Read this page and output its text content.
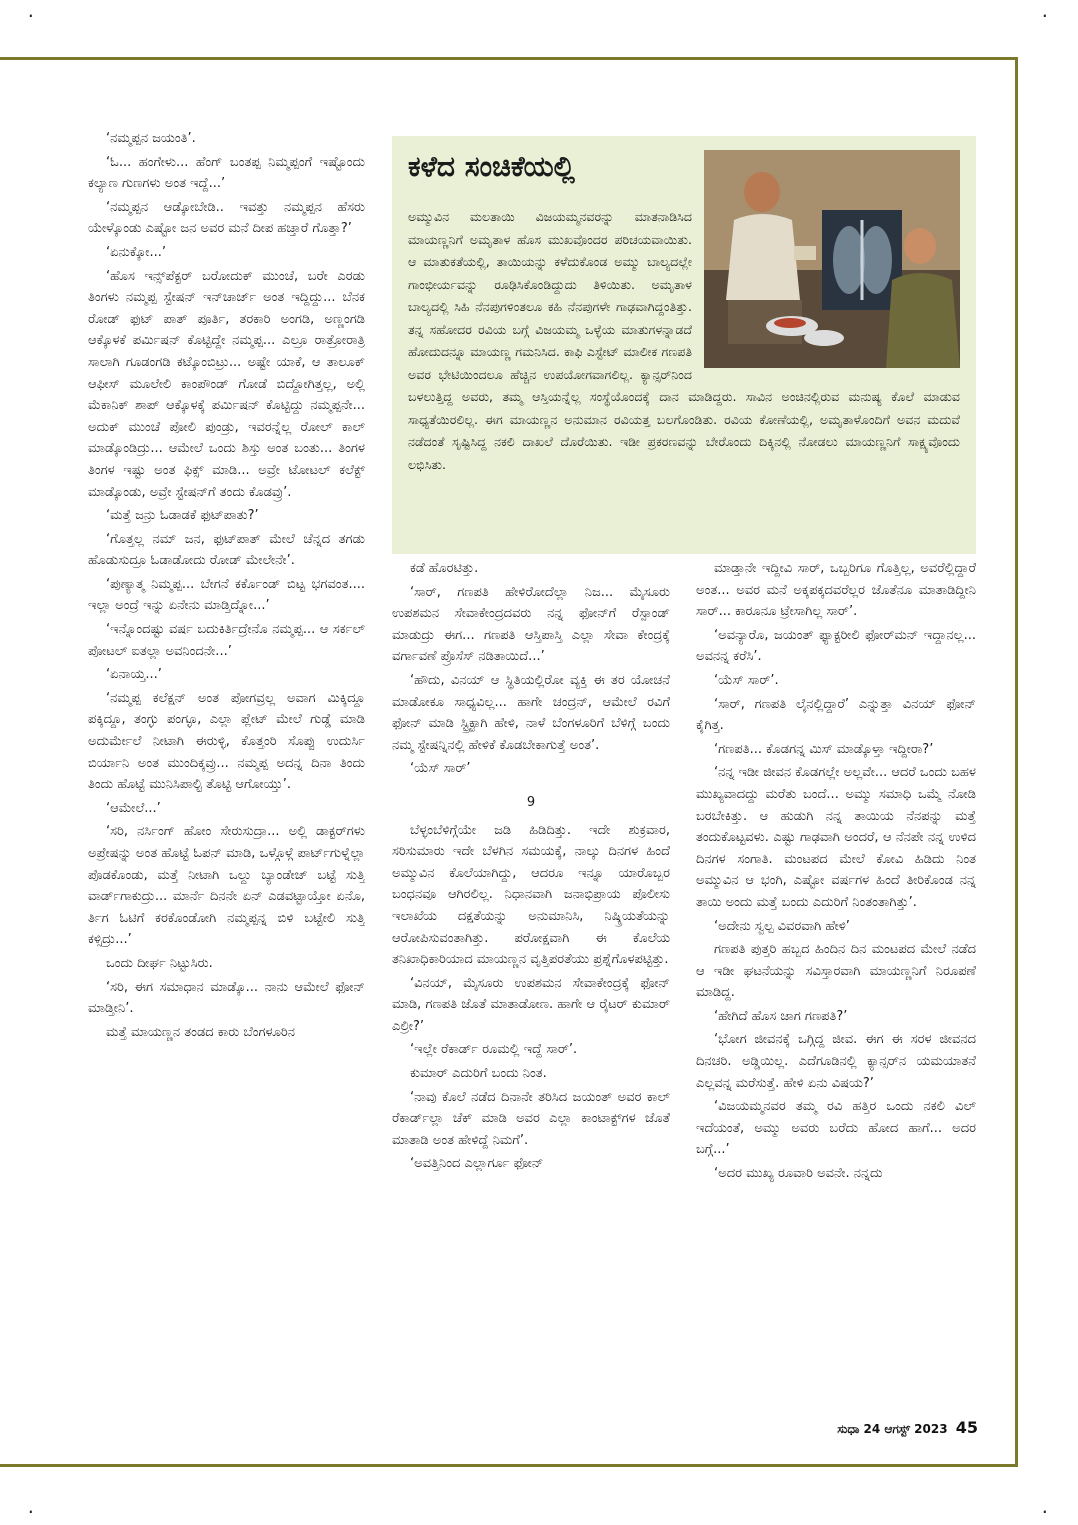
.	.
.	.

‘ನಮ್ಮಪ್ಪನ ಜಯಂತಿ’.

‘ಓ... ಹಂಗೇಳು... ಹೆಂಗ್ ಬಂತಪ್ಪ ನಿಮ್ಮಪ್ಪಂಗೆ ಇಷ್ಟೊಂದು ಕಲ್ಯಾಣ ಗುಣಗಳು ಅಂತ ಇದ್ದೆ...’

‘ನಮ್ಮಪ್ಪನ ಆಡ್ಕೋಬೇಡಿ.. ಇವತ್ತು ನಮ್ಮಪ್ಪನ ಹೆಸರು ಯೇಳ್ಕೊಂಡು ಎಷ್ಟೋ ಜನ ಅವರ ಮನೆ ದೀಪ ಹಚ್ತಾರೆ ಗೊತ್ತಾ?’

‘ಏನುಕ್ಕೋ...’

‘ಹೊಸ ಇನ್ಸ್‌ಪೆಕ್ಟರ್ ಬರೋದುಕ್ ಮುಂಚೆ, ಬರೇ ಎರಡು ತಿಂಗಳು ನಮ್ಮಪ್ಪ ಸ್ಟೇಷನ್ ಇನ್‌ಚಾರ್ಜ್ ಅಂತ ಇದ್ದಿದ್ದು... ಬೆನಕ ರೋಡ್ ಫುಟ್ ಪಾತ್ ಪೂರ್ತಿ, ತರಕಾರಿ ಅಂಗಡಿ, ಅಣ್ಣಂಗಡಿ ಆಕ್ಕೊಳಕೆ ಪರ್ಮಿಷನ್ ಕೊಟ್ಟಿದ್ದೇ ನಮ್ಮಪ್ಪ... ಎಲ್ರೂ ರಾತ್ರೋರಾತ್ರಿ ಸಾಲಾಗಿ ಗೂಡಂಗಡಿ ಕಟ್ಕೊಂಬಿಟ್ರು... ಅಷ್ಟೇ ಯಾಕೆ, ಆ ತಾಲೂಕ್ ಆಫೀಸ್ ಮೂಲೇಲಿ ಕಾಂಪೌಂಡ್ ಗೋಡೆ ಬಿದ್ದೋಗಿತ್ತಲ್ಲ, ಅಲ್ಲಿ ಮೆಕಾನಿಕ್ ಶಾಪ್ ಆಕ್ಕೊಳಕ್ಕೆ ಪರ್ಮಿಷನ್ ಕೊಟ್ಟಿದ್ದು ನಮ್ಮಪ್ಪನೇ... ಅದುಕ್ ಮುಂಚೆ ಪೋಲಿ ಪುಂಡ್ರು, ಇವರನ್ನೆಲ್ಲ ರೋಲ್ ಕಾಲ್ ಮಾಡ್ಕೊಂಡಿದ್ರು... ಆಮೇಲೆ ಒಂದು ಶಿಸ್ತು ಅಂತ ಬಂತು... ತಿಂಗಳ ತಿಂಗಳ ಇಷ್ಟು ಅಂತ ಫಿಕ್ಸ್ ಮಾಡಿ... ಅವ್ರೇ ಟೋಟಲ್ ಕಲೆಕ್ಟ್ ಮಾಡ್ಕೊಂಡು, ಅವ್ರೇ ಸ್ಟೇಷನ್‌ಗೆ ತಂದು ಕೊಡವ್ರು’.

‘ಮತ್ತೆ ಜನ್ರು ಓಡಾಡಕೆ ಫುಟ್‌ಪಾತು?’

‘ಗೊತ್ತಲ್ಲ ನಮ್ ಜನ, ಫುಟ್‌ಪಾತ್ ಮೇಲೆ ಚೆನ್ನದ ತಗಡು ಹೊಡುಸುದ್ರೂ ಓಡಾಡೋದು ರೋಡ್ ಮೇಲೇನೇ’.

‘ಪುಣ್ಯಾತ್ಮ ನಿಮ್ಮಪ್ಪ... ಬೇಗನೆ ಕರ್ಕೊಂಡ್ ಬಿಟ್ಟ ಭಗವಂತ.... ಇಲ್ಲಾ ಅಂದ್ರೆ ಇನ್ನು ಏನೇನು ಮಾಡ್ತಿದ್ನೋ...’

‘ಇನ್ನೊಂದಷ್ಟು ವರ್ಷ ಬದುಕಿರ್ತಿದ್ರೇನೊ ನಮ್ಮಪ್ಪ... ಆ ಸರ್ಕಲ್ ಪೋಟಲ್ ಐತಲ್ಲಾ ಅವನಿಂದನೇ...’

‘ಏನಾಯ್ತ...’

‘ನಮ್ಮಪ್ಪ ಕಲೆಕ್ಷನ್ ಅಂತ ಪೋಗವ್ರಲ್ಲ ಅವಾಗ ಮಿಕ್ಕಿದ್ದೂ ಪಕ್ಕಿದ್ದೂ, ತಂಗ್ಳು ಪಂಗ್ಳೂ, ಎಲ್ಲಾ ಪ್ಲೇಟ್ ಮೇಲೆ ಗುಡ್ಡೆ ಮಾಡಿ ಅದುರ್ಮೇಲೆ ನೀಟಾಗಿ ಈರುಳ್ಳಿ, ಕೊತ್ತಂರಿ ಸೊಪ್ಪು ಉದುರ್ಸಿ ಬಿರ್ಯಾನಿ ಅಂತ ಮುಂದಿಕ್ಕವ್ರು... ನಮ್ಮಪ್ಪ ಅದನ್ನ ದಿನಾ ತಿಂದು ತಿಂದು ಹೊಟ್ಟೆ ಮುನಿಸಿಪಾಲ್ಟಿ ತೊಟ್ಟಿ ಆಗೋಯ್ತು’.

‘ಆಮೇಲೆ...’

‘ಸರಿ, ನರ್ಸಿಂಗ್ ಹೋಂ ಸೇರುಸುದ್ರಾ... ಅಲ್ಲಿ ಡಾಕ್ಟರ್‌ಗಳು ಅಪ್ರೇಷನ್ನು ಅಂತ ಹೊಟ್ಟೆ ಓಪನ್ ಮಾಡಿ, ಒಳ್ಗೊಳ್ಗೆ ಪಾರ್ಟ್‌ಗುಳ್ನೆಲ್ಲಾ ಪೊಡಕೊಂಡು, ಮತ್ತೆ ನೀಟಾಗಿ ಒಲ್ದು ಬ್ಯಾಂಡೇಜ್ ಬಟ್ಟೆ ಸುತ್ತಿ ವಾರ್ಡ್‌ಗಾಕುದ್ರು... ಮಾರ್ನೆ ದಿನನೇ ಏನ್ ಎಡವಟ್ಟಾಯ್ತೋ ಏನೊ, ರ್ತಿಗ ಓಟಿಗೆ ಕರಕೊಂಡೋಗಿ ನಮ್ಮಪ್ಪನ್ನ ಬಿಳಿ ಬಟ್ಟೇಲಿ ಸುತ್ತಿ ಕಳ್ಸಿದ್ರು...’

ಒಂದು ದೀರ್ಘ ನಿಟ್ಟುಸಿರು.

‘ಸರಿ, ಈಗ ಸಮಾಧಾನ ಮಾಡ್ಕೊ... ನಾನು ಆಮೇಲೆ ಫೋನ್ ಮಾಡ್ತೀನಿ’.

ಮತ್ತೆ ಮಾಯಣ್ಣನ ತಂಡದ ಕಾರು ಬೆಂಗಳೂರಿನ

ಕಳೆದ ಸಂಚಿಕೆಯಲ್ಲಿ
ಅಮ್ಮುವಿನ ಮಲತಾಯಿ ವಿಜಯಮ್ಮನವರನ್ನು ಮಾತನಾಡಿಸಿದ ಮಾಯಣ್ಣನಿಗೆ ಅಮೃತಾಳ ಹೊಸ ಮುಖವೊಂದರ ಪರಿಚಯವಾಯಿತು. ಆ ಮಾತುಕತೆಯಲ್ಲಿ, ತಾಯಿಯನ್ನು ಕಳೆದುಕೊಂಡ ಅಮ್ಮು ಬಾಲ್ಯದಲ್ಲೇ ಗಾಂಭೀರ್ಯವನ್ನು ರೂಢಿಸಿಕೊಂಡಿದ್ದುದು ತಿಳಿಯಿತು. ಅಮೃತಾಳ ಬಾಲ್ಯದಲ್ಲಿ ಸಿಹಿ ನೆನಪುಗಳಿಂತಲೂ ಕಹಿ ನೆನಪುಗಳೇ ಗಾಢವಾಗಿದ್ದಂತಿತ್ತು. ತನ್ನ ಸಹೋದರ ರವಿಯ ಬಗ್ಗೆ ವಿಜಯಮ್ಮ ಒಳ್ಳೆಯ ಮಾತುಗಳನ್ನಾಡದೆ ಹೋದುದನ್ನೂ ಮಾಯಣ್ಣ ಗಮನಿಸಿದ. ಕಾಫಿ ಎಸ್ಟೇಟ್ ಮಾಲೀಕ ಗಣಪತಿ ಅವರ ಭೇಟಿಯಿಂದಲೂ ಹೆಚ್ಚಿನ ಉಪಯೋಗವಾಗಲಿಲ್ಲ. ಕ್ಯಾನ್ಸರ್‌ನಿಂದ ಬಳಲುತ್ತಿದ್ದ ಅವರು, ತಮ್ಮ ಆಸ್ತಿಯನ್ನೆಲ್ಲ ಸಂಸ್ಥೆಯೊಂದಕ್ಕೆ ದಾನ ಮಾಡಿದ್ದರು. ಸಾವಿನ ಅಂಚಿನಲ್ಲಿರುವ ಮನುಷ್ಯ ಕೊಲೆ ಮಾಡುವ ಸಾಧ್ಯತೆಯಿರಲಿಲ್ಲ. ಈಗ ಮಾಯಣ್ಣನ ಅನುಮಾನ ರವಿಯತ್ತ ಬಲಗೊಂಡಿತು. ರವಿಯ ಕೋಣೆಯಲ್ಲಿ, ಅಮೃತಾಳೊಂದಿಗೆ ಅವನ ಮದುವೆ ನಡೆದಂತೆ ಸೃಷ್ಟಿಸಿದ್ದ ನಕಲಿ ದಾಖಲೆ ದೊರೆಯಿತು. ಇಡೀ ಪ್ರಕರಣವನ್ನು ಬೇರೊಂದು ದಿಕ್ಕಿನಲ್ಲಿ ನೋಡಲು ಮಾಯಣ್ಣನಿಗೆ ಸಾಕ್ಷ್ಯವೊಂದು ಲಭಿಸಿತು.

ಕಡೆ ಹೊರಟಿತ್ತು.

‘ಸಾರ್, ಗಣಪತಿ ಹೇಳಿರೋದೆಲ್ಲಾ ನಿಜ... ಮೈಸೂರು ಉಪಶಮನ ಸೇವಾಕೇಂದ್ರದವರು ನನ್ನ ಫೋನ್‌ಗೆ ರೆಸ್ಪಾಂಡ್ ಮಾಡುದ್ರು ಈಗ... ಗಣಪತಿ ಆಸ್ತಿಪಾಸ್ತಿ ಎಲ್ಲಾ ಸೇವಾ ಕೇಂದ್ರಕ್ಕೆ ವರ್ಗಾವಣೆ ಪ್ರೊಸೆಸ್ ನಡಿತಾಯಿದೆ...’

‘ಹೌದು, ವಿನಯ್ ಆ ಸ್ಥಿತಿಯಲ್ಲಿರೋ ವ್ಯಕ್ತಿ ಈ ತರ ಯೋಚನೆ ಮಾಡೋಕೂ ಸಾಧ್ಯವಿಲ್ಲ... ಹಾಗೇ ಚಂದ್ರನ್, ಆಮೇಲೆ ರವಿಗೆ ಫೋನ್ ಮಾಡಿ ಸ್ಟ್ರಿಕ್ಟಾಗಿ ಹೇಳಿ, ನಾಳೆ ಬೆಂಗಳೂರಿಗೆ ಬೆಳಿಗ್ಗೆ ಬಂದು ನಮ್ಮ ಸ್ಟೇಷನ್ನಿನಲ್ಲಿ ಹೇಳಿಕೆ ಕೊಡಬೇಕಾಗುತ್ತೆ ಅಂತ’.

‘ಯೆಸ್ ಸಾರ್’

9

ಬೆಳ್ಳಂಬೆಳಿಗ್ಗೆಯೇ ಜಡಿ ಹಿಡಿದಿತ್ತು. ಇದೇ ಶುಕ್ರವಾರ, ಸರಿಸುಮಾರು ಇದೇ ಬೆಳಗಿನ ಸಮಯಕ್ಕೆ, ನಾಲ್ಕು ದಿನಗಳ ಹಿಂದೆ ಅಮ್ಮುವಿನ ಕೊಲೆಯಾಗಿದ್ದು, ಆದರೂ ಇನ್ನೂ ಯಾರೊಬ್ಬರ ಬಂಧನವೂ ಆಗಿರಲಿಲ್ಲ. ನಿಧಾನವಾಗಿ ಜನಾಭಿಪ್ರಾಯ ಪೊಲೀಸು ಇಲಾಖೆಯ ದಕ್ಷತೆಯನ್ನು ಅನುಮಾನಿಸಿ, ನಿಷ್ಕ್ರಿಯತೆಯನ್ನು ಆರೋಪಿಸುವಂತಾಗಿತ್ತು. ಪರೋಕ್ಷವಾಗಿ ಈ ಕೊಲೆಯ ತನಿಖಾಧಿಕಾರಿಯಾದ ಮಾಯಣ್ಣನ ವೃತ್ತಿಪರತೆಯು ಪ್ರಶ್ನೆಗೊಳಪಟ್ಟಿತ್ತು.

‘ವಿನಯ್, ಮೈಸೂರು ಉಪಶಮನ ಸೇವಾಕೇಂದ್ರಕ್ಕೆ ಫೋನ್ ಮಾಡಿ, ಗಣಪತಿ ಜೊತೆ ಮಾತಾಡೋಣ. ಹಾಗೇ ಆ ರೈಟರ್ ಕುಮಾರ್ ಎಲ್ರೀ?’

‘ಇಲ್ಲೇ ರೆಕಾರ್ಡ್ ರೂಮಲ್ಲಿ ಇದ್ದೆ ಸಾರ್’.

ಕುಮಾರ್ ಎದುರಿಗೆ ಬಂದು ನಿಂತ.

‘ನಾವು ಕೊಲೆ ನಡೆದ ದಿನಾನೇ ತರಿಸಿದ ಜಯಂತ್ ಅವರ ಕಾಲ್ ರೆಕಾರ್ಡ್‌ಲ್ಲಾ ಚೆಕ್ ಮಾಡಿ ಅವರ ಎಲ್ಲಾ ಕಾಂಟಾಕ್ಟ್‌ಗಳ ಜೊತೆ ಮಾತಾಡಿ ಅಂತ ಹೇಳಿದ್ದೆ ನಿಮಗೆ’.

‘ಅವತ್ತಿನಿಂದ ಎಲ್ಲಾರ್ಗೂ ಫೋನ್

ಮಾಡ್ತಾನೇ ಇದ್ದೀವಿ ಸಾರ್, ಒಬ್ಬರಿಗೂ ಗೊತ್ತಿಲ್ಲ, ಅವರೆಲ್ಲಿದ್ದಾರೆ ಅಂತ... ಅವರ ಮನೆ ಅಕ್ಕಪಕ್ಕದವರೆಲ್ಲರ ಜೊತೆನೂ ಮಾತಾಡಿದ್ದೀನಿ ಸಾರ್... ಕಾರೂನೂ ಟ್ರೇಸಾಗಿಲ್ಲ ಸಾರ್’.

‘ಅವನ್ಯಾರೊ, ಜಯಂತ್ ಫ್ಯಾಕ್ಟರೀಲಿ ಫೋರ್‌ಮನ್ ಇದ್ದಾನಲ್ಲ... ಅವನನ್ನ ಕರೆಸಿ’.

‘ಯೆಸ್ ಸಾರ್’.

‘ಸಾರ್, ಗಣಪತಿ ಲೈನಲ್ಲಿದ್ದಾರೆ’ ಎನ್ನುತ್ತಾ ವಿನಯ್ ಫೋನ್ ಕೈಗಿತ್ತ.

‘ಗಣಪತಿ... ಕೊಡಗನ್ನ ಮಿಸ್ ಮಾಡ್ಕೊಳ್ತಾ ಇದ್ದೀರಾ?’

‘ನನ್ನ ಇಡೀ ಜೀವನ ಕೊಡಗಲ್ಲೇ ಅಲ್ಲವೇ... ಆದರೆ ಒಂದು ಬಹಳ ಮುಖ್ಯವಾದದ್ದು ಮರೆತು ಬಂದೆ... ಅಮ್ಮು ಸಮಾಧಿ ಒಮ್ಮೆ ನೋಡಿ ಬರಬೇಕಿತ್ತು. ಆ ಹುಡುಗಿ ನನ್ನ ತಾಯಿಯ ನೆನಪನ್ನು ಮತ್ತೆ ತಂದುಕೊಟ್ಟವಳು. ಎಷ್ಟು ಗಾಢವಾಗಿ ಅಂದರೆ, ಆ ನೆನಪೇ ನನ್ನ ಉಳಿದ ದಿನಗಳ ಸಂಗಾತಿ. ಮಂಟಪದ ಮೇಲೆ ಕೋವಿ ಹಿಡಿದು ನಿಂತ ಅಮ್ಮುವಿನ ಆ ಭಂಗಿ, ಎಷ್ಟೋ ವರ್ಷಗಳ ಹಿಂದೆ ತೀರಿಕೊಂಡ ನನ್ನ ತಾಯಿ ಅಂದು ಮತ್ತೆ ಬಂದು ಎದುರಿಗೆ ನಿಂತಂತಾಗಿತ್ತು’.

‘ಅದೇನು ಸ್ವಲ್ಪ ವಿವರವಾಗಿ ಹೇಳಿ’

ಗಣಪತಿ ಪುತ್ತರಿ ಹಬ್ಬದ ಹಿಂದಿನ ದಿನ ಮಂಟಪದ ಮೇಲೆ ನಡೆದ ಆ ಇಡೀ ಘಟನೆಯನ್ನು ಸವಿಸ್ತಾರವಾಗಿ ಮಾಯಣ್ಣನಿಗೆ ನಿರೂಪಣೆ ಮಾಡಿದ್ದ.

‘ಹೇಗಿದೆ ಹೊಸ ಜಾಗ ಗಣಪತಿ?’

‘ಭೋಗ ಜೀವನಕ್ಕೆ ಒಗ್ಗಿದ್ದ ಜೀವ. ಈಗ ಈ ಸರಳ ಜೀವನದ ದಿನಚರಿ. ಅಡ್ಡಿಯಿಲ್ಲ. ಎದೆಗೂಡಿನಲ್ಲಿ ಕ್ಯಾನ್ಸರ್‌ನ ಯಮಯಾತನೆ ಎಲ್ಲವನ್ನ ಮರೆಸುತ್ತೆ. ಹೇಳಿ ಏನು ವಿಷಯ?’

‘ವಿಜಯಮ್ಮನವರ ತಮ್ಮ ರವಿ ಹತ್ತಿರ ಒಂದು ನಕಲಿ ವಿಲ್ ಇದೆಯಂತೆ, ಅಮ್ಮು ಅವರು ಬರೆದು ಹೋದ ಹಾಗೆ... ಅದರ ಬಗ್ಗೆ...’

‘ಅದರ ಮುಖ್ಯ ರೂವಾರಿ ಅವನೇ. ನನ್ನದು

ಸುಧಾ 24 ಆಗಸ್ಟ್ 2023 45
